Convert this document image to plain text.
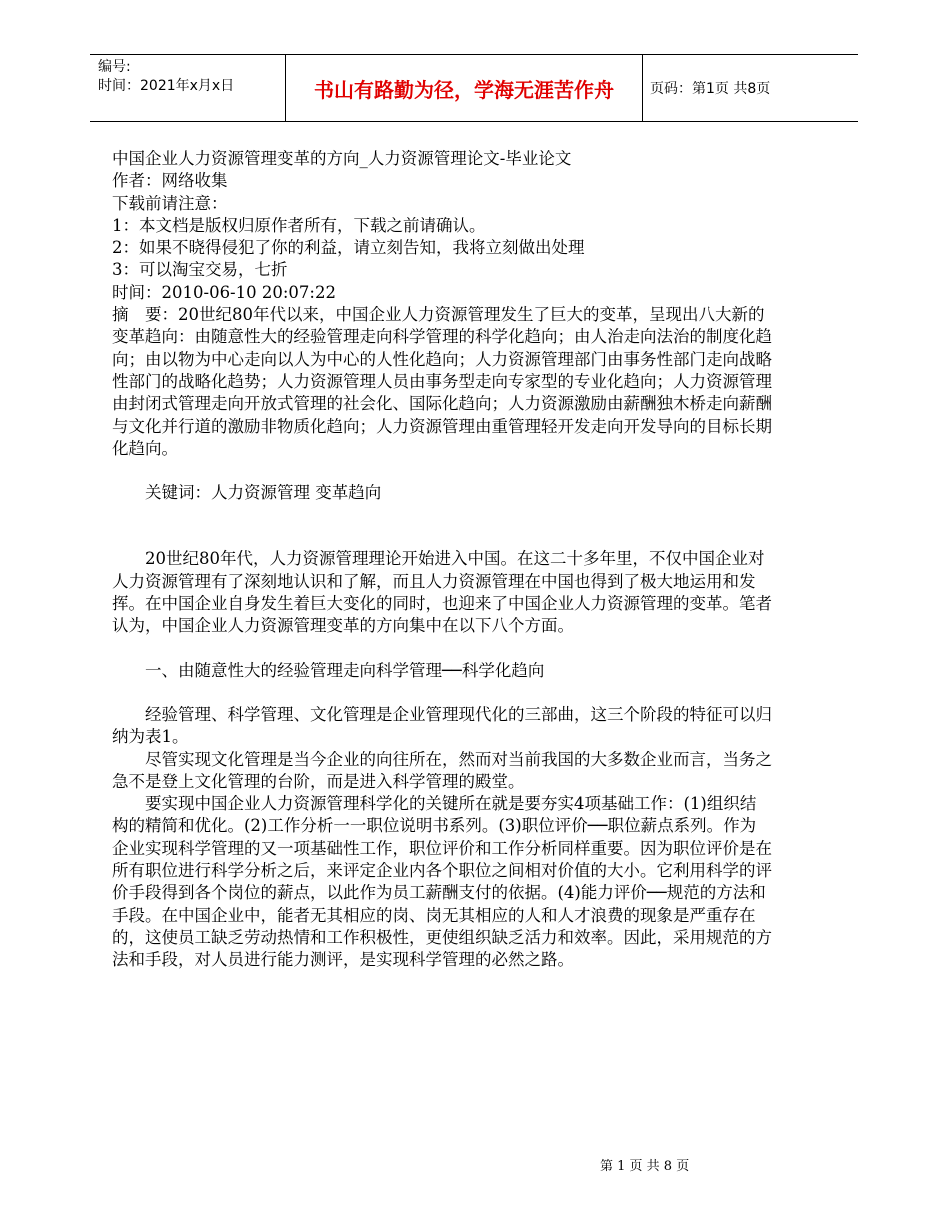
编号:
时间：2021年x月x日	书山有路勤为径，学海无涯苦作舟	页码：第1页 共8页

中国企业人力资源管理变革的方向_人力资源管理论文-毕业论文

作者：网络收集

下载前请注意：

1：本文档是版权归原作者所有，下载之前请确认。

2：如果不晓得侵犯了你的利益，请立刻告知，我将立刻做出处理

3：可以淘宝交易，七折

时间：2010-06-10 20:07:22

摘　要：20世纪80年代以来，中国企业人力资源管理发生了巨大的变革，呈现出八大新的变革趋向：由随意性大的经验管理走向科学管理的科学化趋向；由人治走向法治的制度化趋向；由以物为中心走向以人为中心的人性化趋向；人力资源管理部门由事务性部门走向战略性部门的战略化趋势；人力资源管理人员由事务型走向专家型的专业化趋向；人力资源管理由封闭式管理走向开放式管理的社会化、国际化趋向；人力资源激励由薪酬独木桥走向薪酬与文化并行道的激励非物质化趋向；人力资源管理由重管理轻开发走向开发导向的目标长期化趋向。

关键词：人力资源管理 变革趋向

20世纪80年代，人力资源管理理论开始进入中国。在这二十多年里，不仅中国企业对人力资源管理有了深刻地认识和了解，而且人力资源管理在中国也得到了极大地运用和发挥。在中国企业自身发生着巨大变化的同时，也迎来了中国企业人力资源管理的变革。笔者认为，中国企业人力资源管理变革的方向集中在以下八个方面。

一、由随意性大的经验管理走向科学管理──科学化趋向

经验管理、科学管理、文化管理是企业管理现代化的三部曲，这三个阶段的特征可以归纳为表1。

尽管实现文化管理是当今企业的向往所在，然而对当前我国的大多数企业而言，当务之急不是登上文化管理的台阶，而是进入科学管理的殿堂。

要实现中国企业人力资源管理科学化的关键所在就是要夯实4项基础工作：(1)组织结构的精简和优化。(2)工作分析一一职位说明书系列。(3)职位评价──职位薪点系列。作为企业实现科学管理的又一项基础性工作，职位评价和工作分析同样重要。因为职位评价是在所有职位进行科学分析之后，来评定企业内各个职位之间相对价值的大小。它利用科学的评价手段得到各个岗位的薪点，以此作为员工薪酬支付的依据。(4)能力评价──规范的方法和手段。在中国企业中，能者无其相应的岗、岗无其相应的人和人才浪费的现象是严重存在的，这使员工缺乏劳动热情和工作积极性，更使组织缺乏活力和效率。因此，采用规范的方法和手段，对人员进行能力测评，是实现科学管理的必然之路。

第 1 页 共 8 页
